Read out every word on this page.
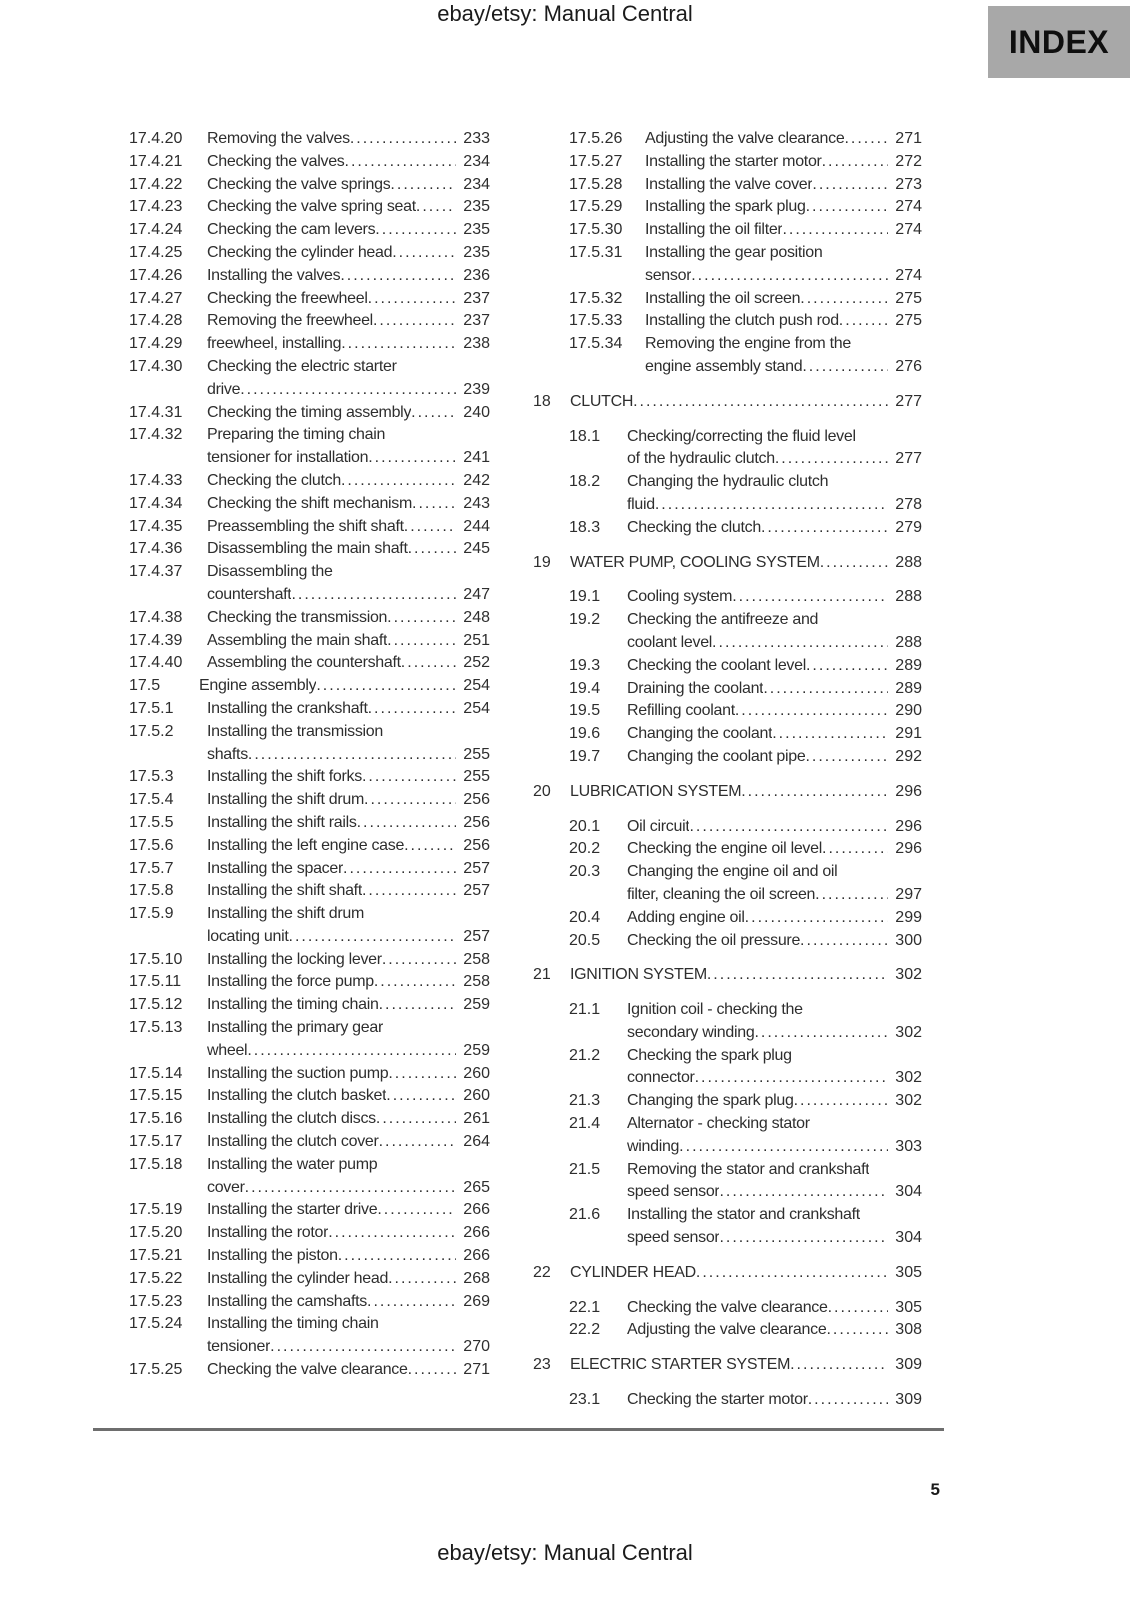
ebay/etsy: Manual Central
INDEX
17.4.20	Removing the valves .....	233
17.4.21	Checking the valves .....	234
17.4.22	Checking the valve springs .....	234
17.4.23	Checking the valve spring seat .....	235
17.4.24	Checking the cam levers .....	235
17.4.25	Checking the cylinder head .....	235
17.4.26	Installing the valves .....	236
17.4.27	Checking the freewheel .....	237
17.4.28	Removing the freewheel .....	237
17.4.29	freewheel, installing .....	238
17.4.30	Checking the electric starter
drive .....	239
17.4.31	Checking the timing assembly .....	240
17.4.32	Preparing the timing chain
tensioner for installation .....	241
17.4.33	Checking the clutch .....	242
17.4.34	Checking the shift mechanism .....	243
17.4.35	Preassembling the shift shaft .....	244
17.4.36	Disassembling the main shaft .....	245
17.4.37	Disassembling the
countershaft .....	247
17.4.38	Checking the transmission .....	248
17.4.39	Assembling the main shaft .....	251
17.4.40	Assembling the countershaft .....	252
17.5	Engine assembly .....	254
17.5.1	Installing the crankshaft .....	254
17.5.2	Installing the transmission
shafts .....	255
17.5.3	Installing the shift forks .....	255
17.5.4	Installing the shift drum .....	256
17.5.5	Installing the shift rails .....	256
17.5.6	Installing the left engine case .....	256
17.5.7	Installing the spacer .....	257
17.5.8	Installing the shift shaft .....	257
17.5.9	Installing the shift drum
locating unit .....	257
17.5.10	Installing the locking lever .....	258
17.5.11	Installing the force pump .....	258
17.5.12	Installing the timing chain .....	259
17.5.13	Installing the primary gear
wheel .....	259
17.5.14	Installing the suction pump .....	260
17.5.15	Installing the clutch basket .....	260
17.5.16	Installing the clutch discs .....	261
17.5.17	Installing the clutch cover .....	264
17.5.18	Installing the water pump
cover .....	265
17.5.19	Installing the starter drive .....	266
17.5.20	Installing the rotor .....	266
17.5.21	Installing the piston .....	266
17.5.22	Installing the cylinder head .....	268
17.5.23	Installing the camshafts .....	269
17.5.24	Installing the timing chain
tensioner .....	270
17.5.25	Checking the valve clearance .....	271
17.5.26	Adjusting the valve clearance .....	271
17.5.27	Installing the starter motor .....	272
17.5.28	Installing the valve cover .....	273
17.5.29	Installing the spark plug .....	274
17.5.30	Installing the oil filter .....	274
17.5.31	Installing the gear position
sensor .....	274
17.5.32	Installing the oil screen .....	275
17.5.33	Installing the clutch push rod .....	275
17.5.34	Removing the engine from the
engine assembly stand .....	276
18	CLUTCH .....	277
18.1	Checking/correcting the fluid level
of the hydraulic clutch .....	277
18.2	Changing the hydraulic clutch
fluid .....	278
18.3	Checking the clutch .....	279
19	WATER PUMP, COOLING SYSTEM .....	288
19.1	Cooling system .....	288
19.2	Checking the antifreeze and
coolant level .....	288
19.3	Checking the coolant level .....	289
19.4	Draining the coolant .....	289
19.5	Refilling coolant .....	290
19.6	Changing the coolant .....	291
19.7	Changing the coolant pipe .....	292
20	LUBRICATION SYSTEM .....	296
20.1	Oil circuit .....	296
20.2	Checking the engine oil level .....	296
20.3	Changing the engine oil and oil
filter, cleaning the oil screen .....	297
20.4	Adding engine oil .....	299
20.5	Checking the oil pressure .....	300
21	IGNITION SYSTEM .....	302
21.1	Ignition coil - checking the
secondary winding .....	302
21.2	Checking the spark plug
connector .....	302
21.3	Changing the spark plug .....	302
21.4	Alternator - checking stator
winding .....	303
21.5	Removing the stator and crankshaft
speed sensor .....	304
21.6	Installing the stator and crankshaft
speed sensor .....	304
22	CYLINDER HEAD .....	305
22.1	Checking the valve clearance .....	305
22.2	Adjusting the valve clearance .....	308
23	ELECTRIC STARTER SYSTEM .....	309
23.1	Checking the starter motor .....	309
5
ebay/etsy: Manual Central
